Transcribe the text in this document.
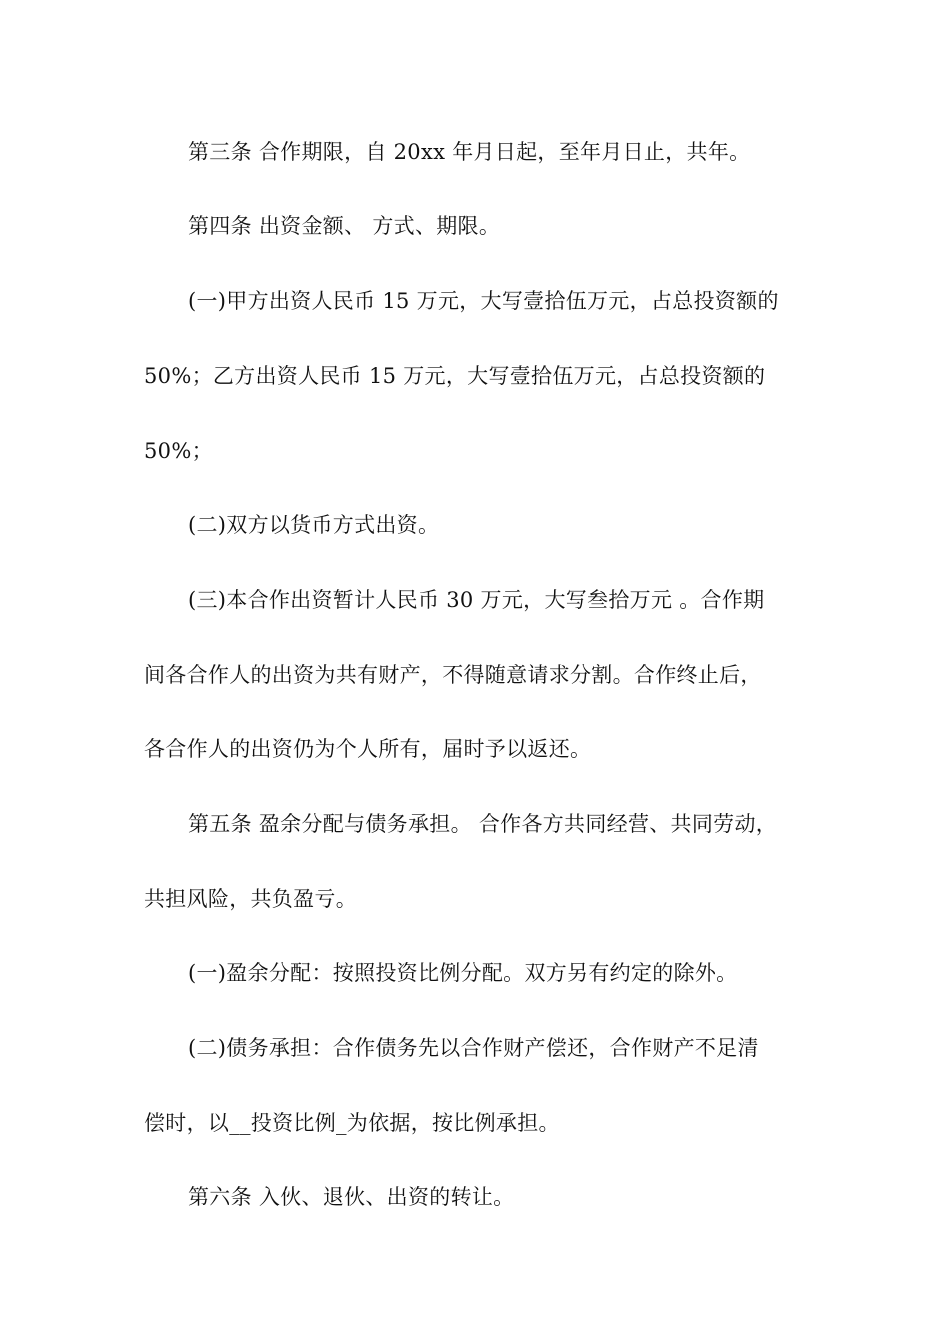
第三条 合作期限，自 20xx 年月日起，至年月日止，共年。
第四条 出资金额、 方式、期限。
(一)甲方出资人民币 15 万元，大写壹拾伍万元，占总投资额的
50%；乙方出资人民币 15 万元，大写壹拾伍万元，占总投资额的
50%；
(二)双方以货币方式出资。
(三)本合作出资暂计人民币 30 万元，大写叁拾万元 。合作期
间各合作人的出资为共有财产，不得随意请求分割。合作终止后，
各合作人的出资仍为个人所有，届时予以返还。
第五条 盈余分配与债务承担。 合作各方共同经营、共同劳动，
共担风险，共负盈亏。
(一)盈余分配：按照投资比例分配。双方另有约定的除外。
(二)债务承担：合作债务先以合作财产偿还，合作财产不足清
偿时，以__投资比例_为依据，按比例承担。
第六条 入伙、退伙、出资的转让。
